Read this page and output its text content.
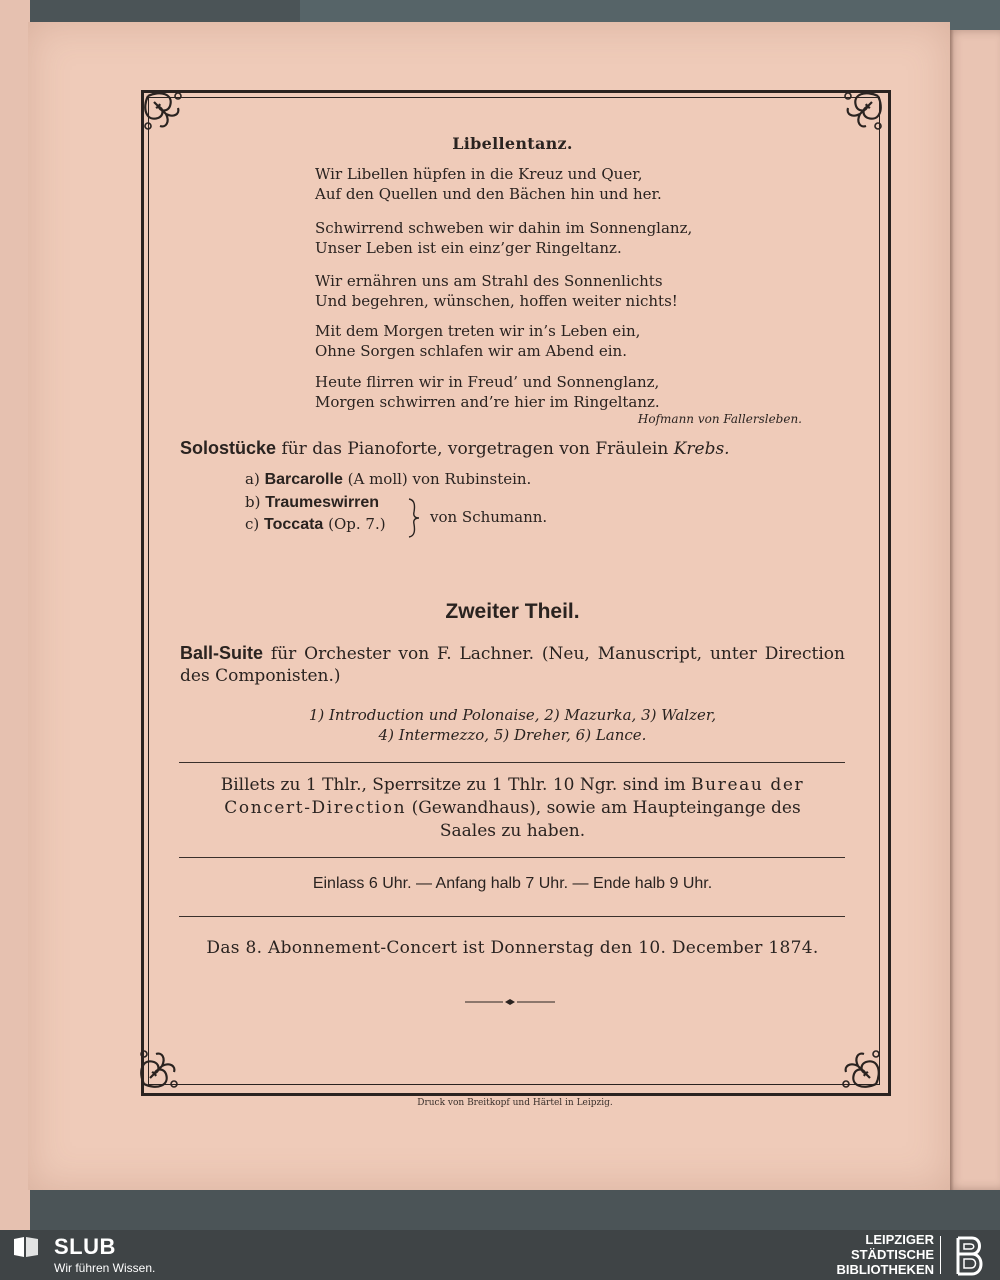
Libellentanz.
Wir Libellen hüpfen in die Kreuz und Quer,
Auf den Quellen und den Bächen hin und her.
Schwirrend schweben wir dahin im Sonnenglanz,
Unser Leben ist ein einz’ger Ringeltanz.
Wir ernähren uns am Strahl des Sonnenlichts
Und begehren, wünschen, hoffen weiter nichts!
Mit dem Morgen treten wir in’s Leben ein,
Ohne Sorgen schlafen wir am Abend ein.
Heute flirren wir in Freud’ und Sonnenglanz,
Morgen schwirren and’re hier im Ringeltanz.
Hofmann von Fallersleben.
Solostücke für das Pianoforte, vorgetragen von Fräulein Krebs.
a) Barcarolle (A moll) von Rubinstein.
b) Traumeswirren
c) Toccata (Op. 7.)	von Schumann.
Zweiter Theil.
Ball-Suite für Orchester von F. Lachner. (Neu, Manuscript, unter Direction des Componisten.)
1) Introduction und Polonaise, 2) Mazurka, 3) Walzer,
4) Intermezzo, 5) Dreher, 6) Lance.
Billets zu 1 Thlr., Sperrsitze zu 1 Thlr. 10 Ngr. sind im Bureau der
Concert-Direction (Gewandhaus), sowie am Haupteingange des
Saales zu haben.
Einlass 6 Uhr. — Anfang halb 7 Uhr. — Ende halb 9 Uhr.
Das 8. Abonnement-Concert ist Donnerstag den 10. December 1874.
Druck von Breitkopf und Härtel in Leipzig.
SLUB
Wir führen Wissen.
LEIPZIGER
STÄDTISCHE
BIBLIOTHEKEN
